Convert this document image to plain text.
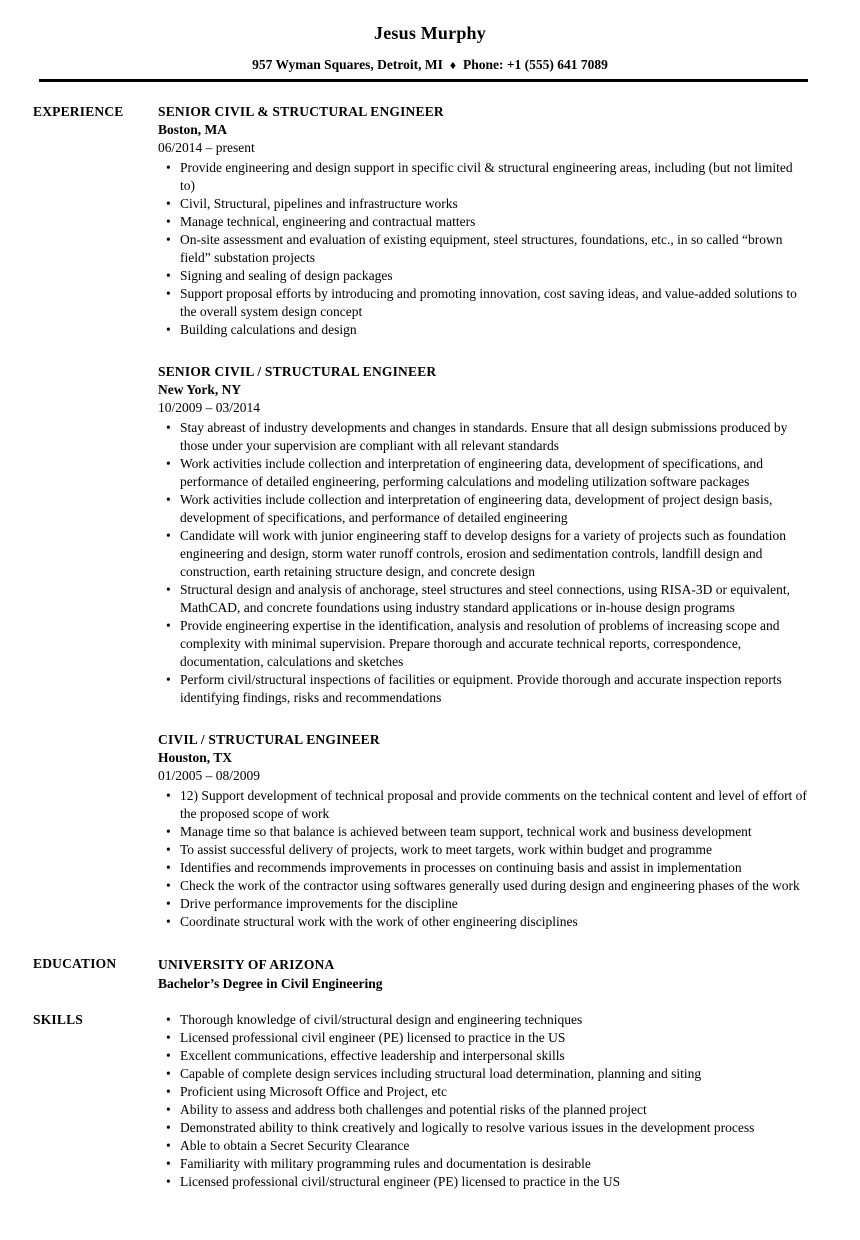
Jesus Murphy
957 Wyman Squares, Detroit, MI ♦ Phone: +1 (555) 641 7089
EXPERIENCE	SENIOR CIVIL & STRUCTURAL ENGINEER
Boston, MA
06/2014 – present
• Provide engineering and design support in specific civil & structural engineering areas, including (but not limited to)
• Civil, Structural, pipelines and infrastructure works
• Manage technical, engineering and contractual matters
• On-site assessment and evaluation of existing equipment, steel structures, foundations, etc., in so called “brown field” substation projects
• Signing and sealing of design packages
• Support proposal efforts by introducing and promoting innovation, cost saving ideas, and value-added solutions to the overall system design concept
• Building calculations and design
SENIOR CIVIL / STRUCTURAL ENGINEER
New York, NY
10/2009 – 03/2014
• Stay abreast of industry developments and changes in standards. Ensure that all design submissions produced by those under your supervision are compliant with all relevant standards
• Work activities include collection and interpretation of engineering data, development of specifications, and performance of detailed engineering, performing calculations and modeling utilization software packages
• Work activities include collection and interpretation of engineering data, development of project design basis, development of specifications, and performance of detailed engineering
• Candidate will work with junior engineering staff to develop designs for a variety of projects such as foundation engineering and design, storm water runoff controls, erosion and sedimentation controls, landfill design and construction, earth retaining structure design, and concrete design
• Structural design and analysis of anchorage, steel structures and steel connections, using RISA-3D or equivalent, MathCAD, and concrete foundations using industry standard applications or in-house design programs
• Provide engineering expertise in the identification, analysis and resolution of problems of increasing scope and complexity with minimal supervision. Prepare thorough and accurate technical reports, correspondence, documentation, calculations and sketches
• Perform civil/structural inspections of facilities or equipment. Provide thorough and accurate inspection reports identifying findings, risks and recommendations
CIVIL / STRUCTURAL ENGINEER
Houston, TX
01/2005 – 08/2009
• 12) Support development of technical proposal and provide comments on the technical content and level of effort of the proposed scope of work
• Manage time so that balance is achieved between team support, technical work and business development
• To assist successful delivery of projects, work to meet targets, work within budget and programme
• Identifies and recommends improvements in processes on continuing basis and assist in implementation
• Check the work of the contractor using softwares generally used during design and engineering phases of the work
• Drive performance improvements for the discipline
• Coordinate structural work with the work of other engineering disciplines
EDUCATION	UNIVERSITY OF ARIZONA
Bachelor’s Degree in Civil Engineering
SKILLS	• Thorough knowledge of civil/structural design and engineering techniques
• Licensed professional civil engineer (PE) licensed to practice in the US
• Excellent communications, effective leadership and interpersonal skills
• Capable of complete design services including structural load determination, planning and siting
• Proficient using Microsoft Office and Project, etc
• Ability to assess and address both challenges and potential risks of the planned project
• Demonstrated ability to think creatively and logically to resolve various issues in the development process
• Able to obtain a Secret Security Clearance
• Familiarity with military programming rules and documentation is desirable
• Licensed professional civil/structural engineer (PE) licensed to practice in the US
